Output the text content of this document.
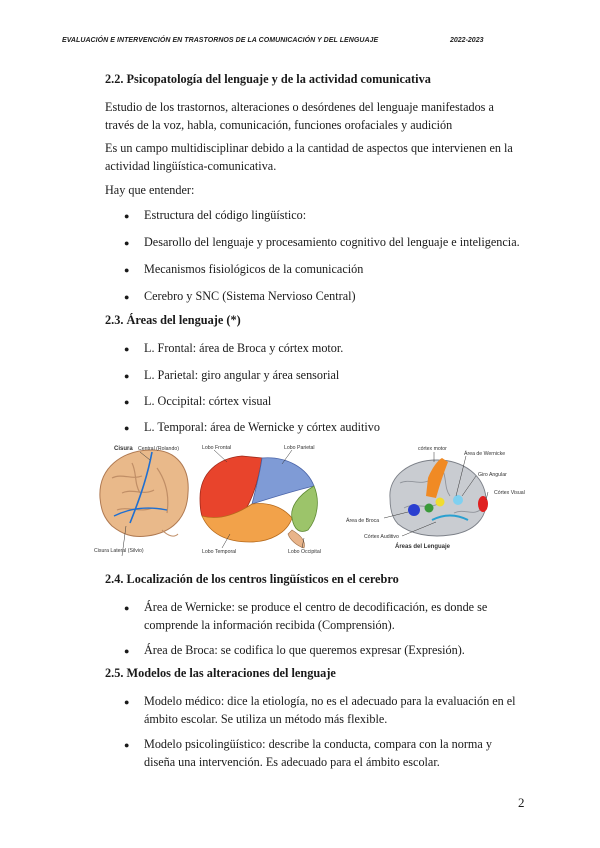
EVALUACIÓN E INTERVENCIÓN EN TRASTORNOS DE LA COMUNICACIÓN Y DEL LENGUAJE	2022-2023
2.2. Psicopatología del lenguaje y de la actividad comunicativa
Estudio de los trastornos, alteraciones o desórdenes del lenguaje manifestados a través de la voz, habla, comunicación, funciones orofaciales y audición
Es un campo multidisciplinar debido a la cantidad de aspectos que intervienen en la actividad lingüística-comunicativa.
Hay que entender:
● Estructura del código lingüístico:
● Desarollo del lenguaje y procesamiento cognitivo del lenguaje e inteligencia.
● Mecanismos fisiológicos de la comunicación
● Cerebro y SNC (Sistema Nervioso Central)
2.3. Áreas del lenguaje (*)
● L. Frontal: área de Broca y córtex motor.
● L. Parietal: giro angular y área sensorial
● L. Occipital: córtex visual
● L. Temporal: área de Wernicke y córtex auditivo
Cisura Central (Rolando)
Cisura Lateral (Silvio)
Lobo Frontal	Lobo Parietal
Lobo Temporal	Lobo Occipital
córtex motor
Área de Wernicke
Giro Angular
Córtex Visual
Área de Broca
Córtex Auditivo
Áreas del Lenguaje
2.4. Localización de los centros lingüísticos en el cerebro
● Área de Wernicke: se produce el centro de decodificación, es donde se comprende la información recibida (Comprensión).
● Área de Broca: se codifica lo que queremos expresar (Expresión).
2.5. Modelos de las alteraciones del lenguaje
● Modelo médico: dice la etiología, no es el adecuado para la evaluación en el ámbito escolar. Se utiliza un método más flexible.
● Modelo psicolingüístico: describe la conducta, compara con la norma y diseña una intervención. Es adecuado para el ámbito escolar.
2
